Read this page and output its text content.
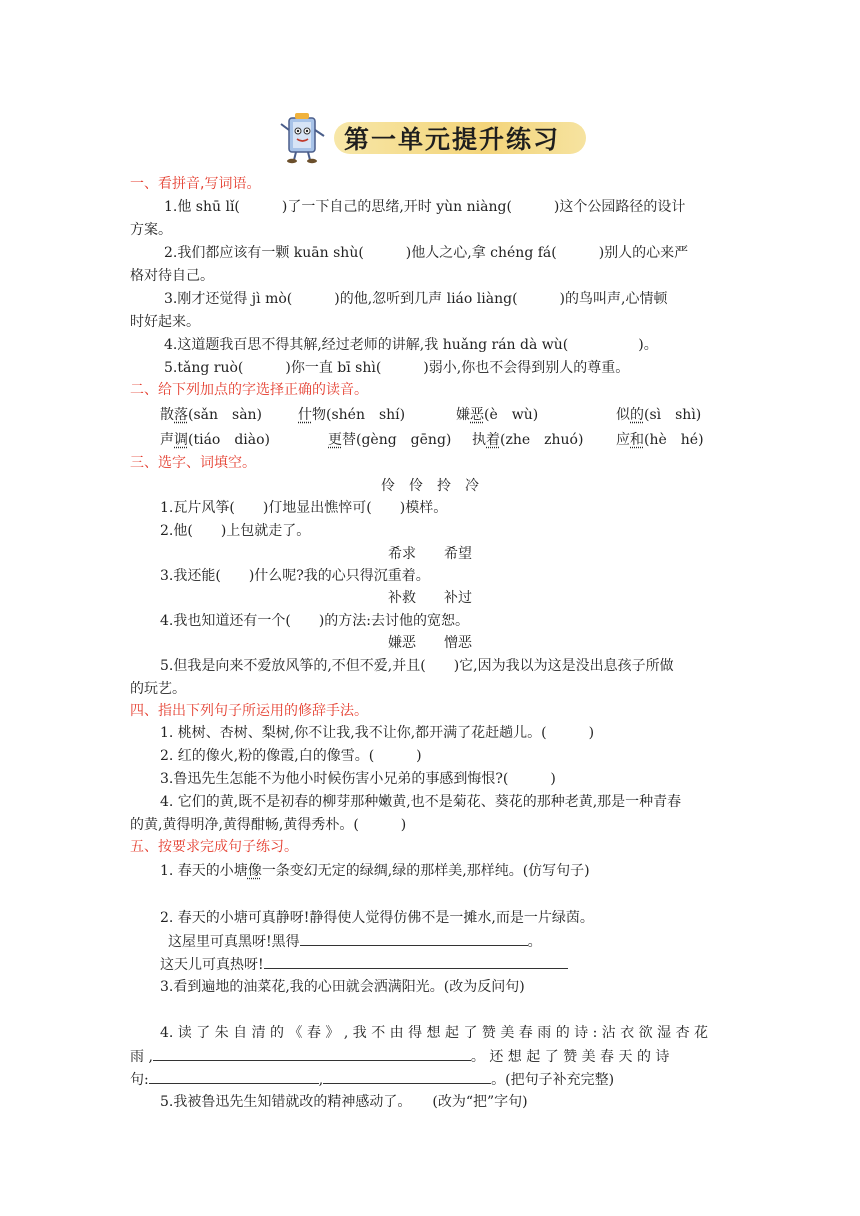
第一单元提升练习
一、看拼音,写词语。
1.他 shū lǐ(　　　)了一下自己的思绪,开时 yùn niàng(　　　)这个公园路径的设计
方案。
2.我们都应该有一颗 kuān shù(　　　)他人之心,拿 chéng fá(　　　)别人的心来严
格对待自己。
3.刚才还觉得 jì mò(　　　)的他,忽听到几声 liáo liàng(　　　)的鸟叫声,心情顿
时好起来。
4.这道题我百思不得其解,经过老师的讲解,我 huǎng rán dà wù(　　　　　)。
5.tǎng ruò(　　　)你一直 bī shì(　　　)弱小,你也不会得到别人的尊重。
二、给下列加点的字选择正确的读音。
散落(sǎn　sàn)	什物(shén　shí)	嫌恶(è　wù)	似的(sì　shì)
声调(tiáo　diào)	更替(gèng　gēng) 执着(zhe　zhuó) 应和(hè　hé)
三、选字、词填空。
伶　伶　拎　冷
1.瓦片风筝(　　)仃地显出憔悴可(　　)模样。
2.他(　　)上包就走了。
希求　　希望
3.我还能(　　)什么呢?我的心只得沉重着。
补救　　补过
4.我也知道还有一个(　　)的方法:去讨他的宽恕。
嫌恶　　憎恶
5.但我是向来不爱放风筝的,不但不爱,并且(　　)它,因为我以为这是没出息孩子所做
的玩艺。
四、指出下列句子所运用的修辞手法。
1. 桃树、杏树、梨树,你不让我,我不让你,都开满了花赶趟儿。(　　　)
2. 红的像火,粉的像霞,白的像雪。(　　　)
3.鲁迅先生怎能不为他小时候伤害小兄弟的事感到悔恨?(　　　)
4. 它们的黄,既不是初春的柳芽那种嫩黄,也不是菊花、葵花的那种老黄,那是一种青春
的黄,黄得明净,黄得酣畅,黄得秀朴。(　　　)
五、按要求完成句子练习。
1. 春天的小塘像一条变幻无定的绿绸,绿的那样美,那样纯。(仿写句子)
2. 春天的小塘可真静呀!静得使人觉得仿佛不是一摊水,而是一片绿茵。
这屋里可真黑呀!黑得	。
这天儿可真热呀!
3.看到遍地的油菜花,我的心田就会洒满阳光。(改为反问句)
4. 读 了 朱 自 清 的 《 春 》 , 我 不 由 得 想 起 了 赞 美 春 雨 的 诗 : 沾 衣 欲 湿 杏 花
雨 ,	。 还 想 起 了 赞 美 春 天 的 诗
句:	,	。(把句子补充完整)
5.我被鲁迅先生知错就改的精神感动了。　　(改为“把”字句)
